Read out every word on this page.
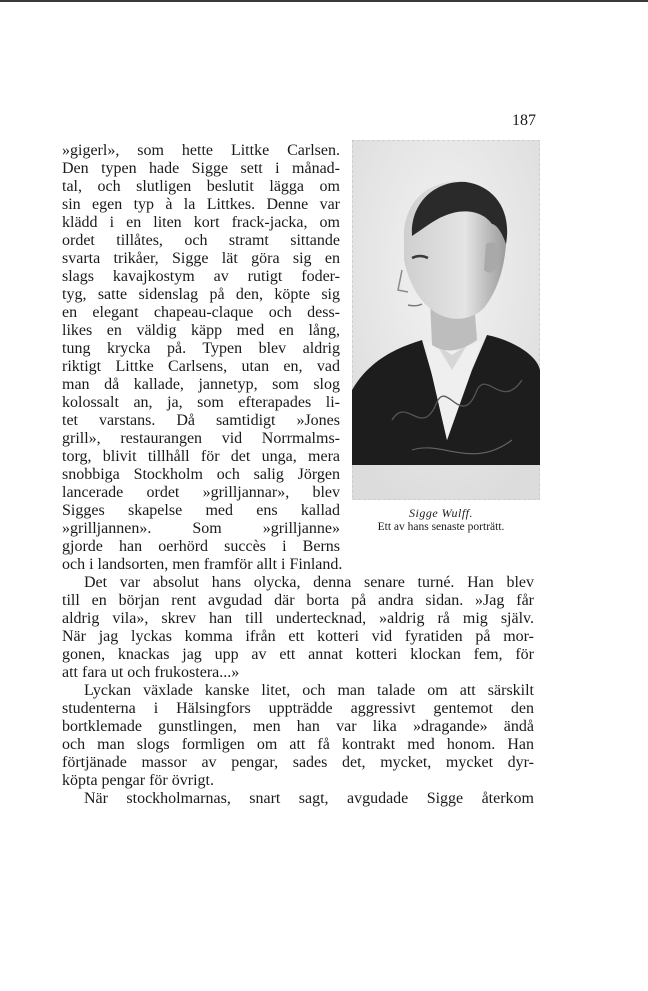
187
Sigge Wulff.
Ett av hans senaste porträtt.

»gigerl», som hette Littke Carlsen.

Den typen hade Sigge sett i månad-

tal, och slutligen beslutit lägga om

sin egen typ à la Littkes. Denne var

klädd i en liten kort frack-jacka, om

ordet tillåtes, och stramt sittande

svarta trikåer, Sigge lät göra sig en

slags kavajkostym av rutigt foder-

tyg, satte sidenslag på den, köpte sig

en elegant chapeau-claque och dess-

likes en väldig käpp med en lång,

tung krycka på. Typen blev aldrig

riktigt Littke Carlsens, utan en, vad

man då kallade, jannetyp, som slog

kolossalt an, ja, som efterapades li-

tet varstans. Då samtidigt »Jones

grill», restaurangen vid Norrmalms-

torg, blivit tillhåll för det unga, mera

snobbiga Stockholm och salig Jörgen

lancerade ordet »grilljannar», blev

Sigges skapelse med ens kallad

»grilljannen». Som »grilljanne»

gjorde han oerhörd succès i Berns

och i landsorten, men framför allt i Finland.

Det var absolut hans olycka, denna senare turné. Han blev

till en början rent avgudad där borta på andra sidan. »Jag får

aldrig vila», skrev han till undertecknad, »aldrig rå mig själv.

När jag lyckas komma ifrån ett kotteri vid fyratiden på mor-

gonen, knackas jag upp av ett annat kotteri klockan fem, för

att fara ut och frukostera...»

Lyckan växlade kanske litet, och man talade om att särskilt

studenterna i Hälsingfors uppträdde aggressivt gentemot den

bortklemade gunstlingen, men han var lika »dragande» ändå

och man slogs formligen om att få kontrakt med honom. Han

förtjänade massor av pengar, sades det, mycket, mycket dyr-

köpta pengar för övrigt.

När stockholmarnas, snart sagt, avgudade Sigge återkom
